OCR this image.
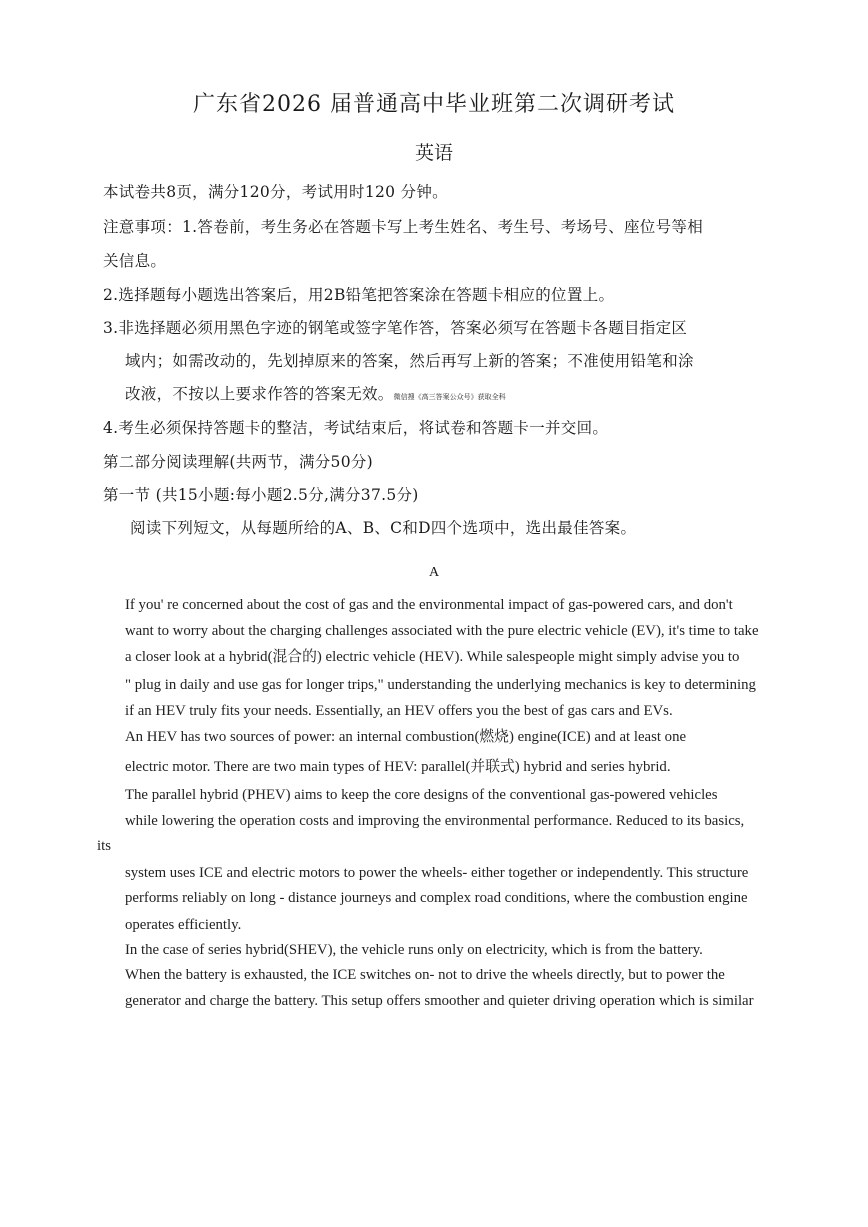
广东省2026 届普通高中毕业班第二次调研考试
英语
本试卷共8页，满分120分，考试用时120 分钟。
注意事项：1.答卷前，考生务必在答题卡写上考生姓名、考生号、考场号、座位号等相
关信息。
2.选择题每小题选出答案后，用2B铅笔把答案涂在答题卡相应的位置上。
3.非选择题必须用黑色字迹的钢笔或签字笔作答，答案必须写在答题卡各题目指定区
域内；如需改动的，先划掉原来的答案，然后再写上新的答案；不准使用铅笔和涂
改液，不按以上要求作答的答案无效。微信搜《高三答案公众号》获取全科
4.考生必须保持答题卡的整洁，考试结束后，将试卷和答题卡一并交回。
第二部分阅读理解(共两节，满分50分)
第一节 (共15小题:每小题2.5分,满分37.5分)
阅读下列短文，从每题所给的A、B、C和D四个选项中，选出最佳答案。
A
If you' re concerned about the cost of gas and the environmental impact of gas-powered cars, and don't
want to worry about the charging challenges associated with the pure electric vehicle (EV), it's time to take
a closer look at a hybrid(混合的) electric vehicle (HEV). While salespeople might simply advise you to
" plug in daily and use gas for longer trips," understanding the underlying mechanics is key to determining
if an HEV truly fits your needs. Essentially, an HEV offers you the best of gas cars and EVs.
An HEV has two sources of power: an internal combustion(燃烧) engine(ICE) and at least one
electric motor. There are two main types of HEV: parallel(并联式) hybrid and series hybrid.
The parallel hybrid (PHEV) aims to keep the core designs of the conventional gas-powered vehicles
while lowering the operation costs and improving the environmental performance. Reduced to its basics,
its
system uses ICE and electric motors to power the wheels- either together or independently. This structure
performs reliably on long - distance journeys and complex road conditions, where the combustion engine
operates efficiently.
In the case of series hybrid(SHEV), the vehicle runs only on electricity, which is from the battery.
When the battery is exhausted, the ICE switches on- not to drive the wheels directly, but to power the
generator and charge the battery. This setup offers smoother and quieter driving operation which is similar
